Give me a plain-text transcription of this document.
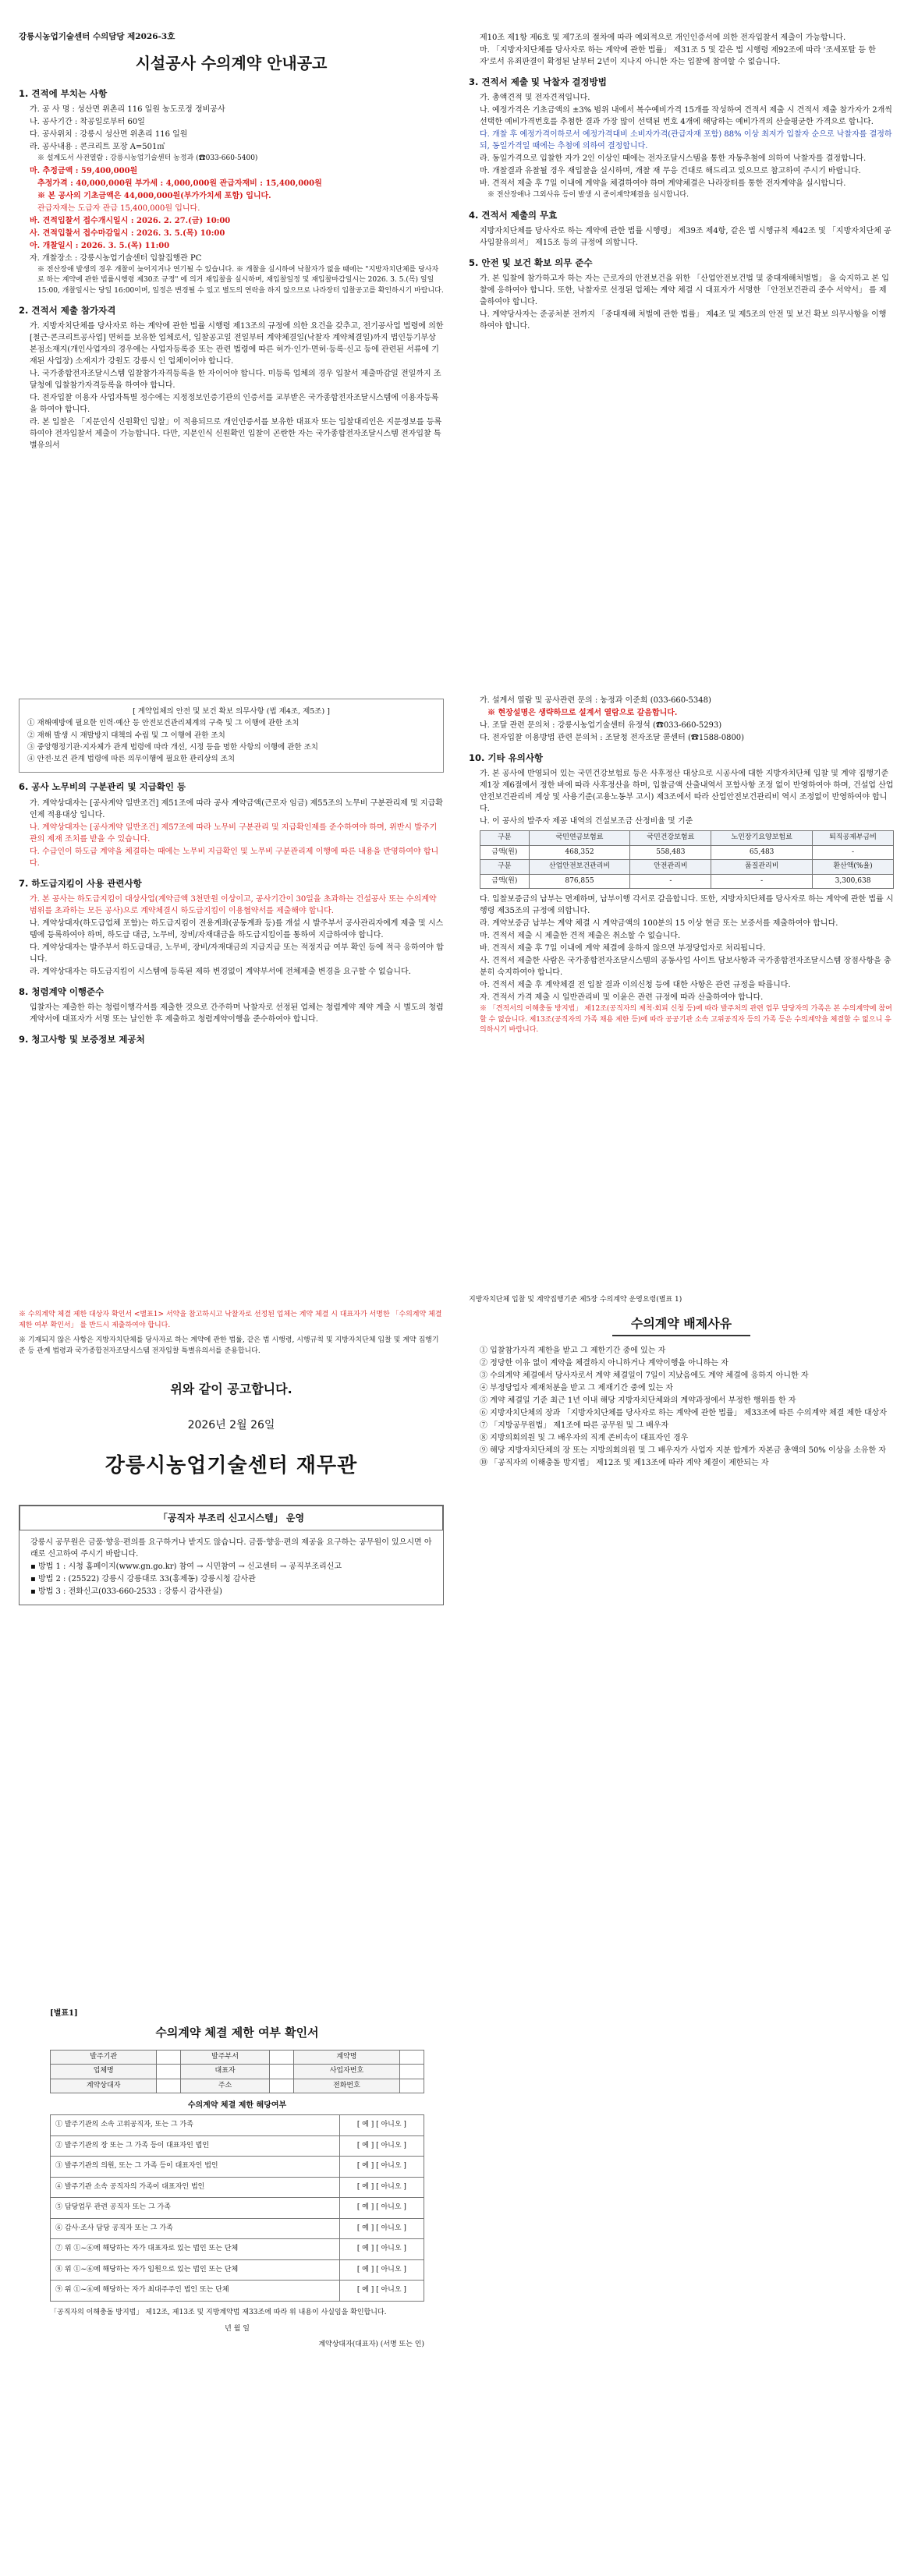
강릉시농업기술센터 수의담당 제2026-3호
시설공사 수의계약 안내공고
1. 견적에 부치는 사항

가. 공 사 명 : 성산면 위촌리 116 일원 농도로정 정비공사

나. 공사기간 : 착공일로부터 60일

다. 공사위치 : 강릉시 성산면 위촌리 116 일원

라. 공사내용 : 콘크리트 포장 A=501㎡

※ 설계도서 사전열람 : 강릉시농업기술센터 농정과 (☎033-660-5400)

마. 추정금액 : 59,400,000원

추정가격 : 40,000,000원 부가세 : 4,000,000원 관급자재비 : 15,400,000원

※ 본 공사의 기초금액은 44,000,000원(부가가치세 포함) 입니다.

관급자재는 도급자 관급 15,400,000원 입니다.

바. 견적입찰서 접수개시일시 : 2026. 2. 27.(금) 10:00

사. 견적입찰서 접수마감일시 : 2026. 3. 5.(목) 10:00

아. 개찰일시 : 2026. 3. 5.(목) 11:00

자. 개찰장소 : 강릉시농업기술센터 입찰집행관 PC

※ 전산장애 발생의 경우 개찰이 늦어지거나 연기될 수 있습니다. ※ 개찰을 실시하여 낙찰자가 없을 때에는 "지방자치단체를 당사자로 하는 계약에 관한 법률시행령 제30조 규정" 에 의거 재입찰을 실시하며, 재입찰일정 및 재입찰마감일시는 2026. 3. 5.(목) 일일 15:00, 개찰일시는 당일 16:00이며, 일정은 변경될 수 있고 별도의 연락을 하지 않으므로 나라장터 입찰공고를 확인하시기 바랍니다.

2. 견적서 제출 참가자격

가. 지방자치단체를 당사자로 하는 계약에 관한 법률 시행령 제13조의 규정에 의한 요건을 갖추고, 전기공사업 법령에 의한 [철근·콘크리트공사업] 면허를 보유한 업체로서, 입찰공고일 전일부터 계약체결일(낙찰자 계약체결일)까지 법인등기부상 본점소재지(개인사업자의 경우에는 사업자등록증 또는 관련 법령에 따른 허가·인가·면허·등록·신고 등에 관련된 서류에 기재된 사업장) 소재지가 강원도 강릉시 인 업체이어야 합니다.

나. 국가종합전자조달시스템 입찰참가자격등록을 한 자이어야 합니다. 미등록 업체의 경우 입찰서 제출마감일 전일까지 조달청에 입찰참가자격등록을 하여야 합니다.

다. 전자입찰 이용자 사업자특별 정수에는 지정정보인증기관의 인증서를 교부받은 국가종합전자조달시스템에 이용자등록을 하여야 합니다.

라. 본 입찰은 「지문인식 신원확인 입찰」이 적용되므로 개인인증서를 보유한 대표자 또는 입찰대리인은 지문정보를 등록하여야 전자입찰서 제출이 가능합니다. 다만, 지문인식 신원확인 입찰이 곤란한 자는 국가종합전자조달시스템 전자입찰 특별유의서

제10조 제1항 제6호 및 제7조의 절차에 따라 예외적으로 개인인증서에 의한 전자입찰서 제출이 가능합니다.

마. 「지방자치단체를 당사자로 하는 계약에 관한 법률」 제31조 5 및 같은 법 시행령 제92조에 따라 '조세포탈 등 한 자'로서 유죄판결이 확정된 날부터 2년이 지나지 아니한 자는 입찰에 참여할 수 없습니다.

3. 견적서 제출 및 낙찰자 결정방법

가. 총액견적 및 전자견적입니다.

나. 예정가격은 기초금액의 ±3% 범위 내에서 복수예비가격 15개를 작성하여 견적서 제출 시 견적서 제출 참가자가 2개씩 선택한 예비가격번호를 추첨한 결과 가장 많이 선택된 번호 4개에 해당하는 예비가격의 산술평균한 가격으로 합니다.

다. 개찰 후 예정가격이하로서 예정가격대비 소비자가격(관급자재 포함) 88% 이상 최저가 입찰자 순으로 낙찰자를 결정하되, 동일가격일 때에는 추첨에 의하여 결정합니다.

라. 동일가격으로 입찰한 자가 2인 이상인 때에는 전자조달시스템을 통한 자동추첨에 의하여 낙찰자를 결정합니다.

마. 개찰결과 유찰될 경우 재입찰을 실시하며, 개찰 재 무응 건대로 해드리고 있으므로 참고하여 주시기 바랍니다.

바. 견적서 제출 후 7일 이내에 계약을 체결하여야 하며 계약체결은 나라장터를 통한 전자계약을 실시합니다.

※ 전산장애나 그외사유 등이 발생 시 종이계약체결을 실시합니다.

4. 견적서 제출의 무효

지방자치단체를 당사자로 하는 계약에 관한 법률 시행령」 제39조 제4항, 같은 법 시행규칙 제42조 및 「지방자치단체 공사입찰유의서」 제15조 등의 규정에 의합니다.

5. 안전 및 보건 확보 의무 준수

가. 본 입찰에 참가하고자 하는 자는 근로자의 안전보건을 위한 「산업안전보건법 및 중대재해처벌법」 을 숙지하고 본 입찰에 응하여야 합니다. 또한, 낙찰자로 선정된 업체는 계약 체결 시 대표자가 서명한 「안전보건관리 준수 서약서」 를 제출하여야 합니다.

나. 계약당사자는 준공처분 전까지 「중대재해 처벌에 관한 법률」 제4조 및 제5조의 안전 및 보건 확보 의무사항을 이행하여야 합니다.

[ 계약업체의 안전 및 보건 확보 의무사항 (법 제4조, 제5조) ]

① 재해예방에 필요한 인력·예산 등 안전보건관리체계의 구축 및 그 이행에 관한 조치

② 재해 발생 시 재발방지 대책의 수립 및 그 이행에 관한 조치

③ 중앙행정기관·지자체가 관계 법령에 따라 개선, 시정 등을 명한 사항의 이행에 관한 조치

④ 안전·보건 관계 법령에 따른 의무이행에 필요한 관리상의 조치

6. 공사 노무비의 구분관리 및 지급확인 등

가. 계약상대자는 [공사계약 일반조건] 제51조에 따라 공사 계약금액(근로자 임금) 제55조의 노무비 구분관리제 및 지급확인제 적용대상 입니다.

나. 계약상대자는 [공사계약 일반조건] 제57조에 따라 노무비 구분관리 및 지급확인제를 준수하여야 하며, 위반시 발주기관의 제재 조치를 받을 수 있습니다.

다. 수급인이 하도급 계약을 체결하는 때에는 노무비 지급확인 및 노무비 구분관리제 이행에 따른 내용을 반영하여야 합니다.

7. 하도급지킴이 사용 관련사항

가. 본 공사는 하도급지킴이 대상사업(계약금액 3천만원 이상이고, 공사기간이 30일을 초과하는 건설공사 또는 수의계약 범위를 초과하는 모든 공사)으로 계약체결시 하도급지킴이 이용협약서를 제출해야 합니다.

나. 계약상대자(하도급업체 포함)는 하도급지킴이 전용계좌(공동계좌 등)를 개설 시 발주부서 공사관리자에게 제출 및 시스템에 등록하여야 하며, 하도급 대금, 노무비, 장비/자재대금을 하도급지킴이를 통하여 지급하여야 합니다.

다. 계약상대자는 발주부서 하도급대금, 노무비, 장비/자재대금의 지급지급 또는 적정지급 여부 확인 등에 적극 응하여야 합니다.

라. 계약상대자는 하도급지킴이 시스템에 등록된 제하 변경없이 계약부서에 전체제출 변경을 요구할 수 없습니다.

8. 청렴계약 이행준수

입찰자는 제출한 하는 청렴이행각서를 제출한 것으로 간주하며 낙찰자로 선정된 업체는 청렴계약 제약 계출 시 별도의 청렴계약서에 대표자가 서명 또는 날인한 후 제출하고 청렴계약이행을 준수하여야 합니다.

9. 청고사항 및 보증정보 제공처

가. 설계서 열람 및 공사관련 문의 : 농정과 이준희 (033-660-5348)

※ 현장설명은 생략하므로 설계서 열람으로 갈음합니다.

나. 조달 관련 문의처 : 강릉시농업기술센터 유정석 (☎033-660-5293)

다. 전자입찰 이용방법 관련 문의처 : 조달청 전자조달 콜센터 (☎1588-0800)

10. 기타 유의사항

가. 본 공사에 반영되어 있는 국민건강보험료 등은 사후정산 대상으로 시공사에 대한 지방자치단체 입찰 및 계약 집행기준 제1장 제6절에서 정한 바에 따라 사후정산을 하며, 입찰금액 산출내역서 포함사항 조정 없이 반영하여야 하며, 건설업 산업안전보건관리비 계상 및 사용기준(고용노동부 고시) 제3조에서 따라 산업안전보건관리비 역시 조정없이 반영하여야 합니다.

나. 이 공사의 발주자 제공 내역의 건설보조금 산정비율 및 기준

구분	국민연금보험료	국민건강보험료	노인장기요양보험료	퇴직공제부금비
금액(원)	468,352	558,483	65,483	-
구분	산업안전보건관리비	안전관리비	품질관리비	환산액(%율)
금액(원)	876,855	-	-	3,300,638

다. 입찰보증금의 납부는 면제하며, 납부이행 각서로 갈음합니다. 또한, 지방자치단체를 당사자로 하는 계약에 관한 법률 시행령 제35조의 규정에 의합니다.

라. 계약보증금 납부는 계약 체결 시 계약금액의 100분의 15 이상 현금 또는 보증서를 제출하여야 합니다.

마. 견적서 제출 시 제출한 견적 제출은 취소할 수 없습니다.

바. 견적서 제출 후 7일 이내에 계약 체결에 응하지 않으면 부정당업자로 처리됩니다.

사. 견적서 제출한 사람은 국가종합전자조달시스템의 공동사업 사이트 담보사항과 국가종합전자조달시스템 장점사항을 충분히 숙지하여야 합니다.

아. 견적서 제출 후 계약체결 전 입찰 결과 이의신청 등에 대한 사항은 관련 규정을 따릅니다.

자. 견적서 가격 제출 시 일반관리비 및 이윤은 관련 규정에 따라 산출하여야 합니다.

※ 「견적서의 이해충돌 방지법」 제12조(공직자의 제척·회피 신청 등)에 따라 발주처의 관련 업무 담당자의 가족은 본 수의계약에 참여할 수 없습니다. 제13조(공직자의 가족 채용 제한 등)에 따라 공공기관 소속 고위공직자 등의 가족 등은 수의계약을 체결할 수 없으니 유의하시기 바랍니다.

※ 수의계약 체결 제한 대상자 확인서 <별표1> 서약을 참고하시고 낙찰자로 선정된 업체는 계약 체결 시 대표자가 서명한 「수의계약 체결 제한 여부 확인서」 를 반드시 제출하여야 합니다.

※ 기재되지 않은 사항은 지방자치단체를 당사자로 하는 계약에 관한 법률, 같은 법 시행령, 시행규칙 및 지방자치단체 입찰 및 계약 집행기준 등 관계 법령과 국가종합전자조달시스템 전자입찰 특별유의서를 준용합니다.

위와 같이 공고합니다.
2026년 2월 26일
강릉시농업기술센터 재무관
「공직자 부조리 신고시스템」 운영

강릉시 공무원은 금품·향응·편의를 요구하거나 받지도 않습니다. 금품·향응·편의 제공을 요구하는 공무원이 있으시면 아래로 신고하여 주시기 바랍니다.

▪ 방법 1 : 시청 홈페이지(www.gn.go.kr) 참여 → 시민참여 → 신고센터 → 공직부조리신고

▪ 방법 2 : (25522) 강릉시 강릉대로 33(홍제동) 강릉시청 감사관

▪ 방법 3 : 전화신고(033-660-2533 : 강릉시 감사관실)

지방자치단체 입찰 및 계약집행기준 제5장 수의계약 운영요령(별표 1)

수의계약 배제사유

① 입찰참가자격 제한을 받고 그 제한기간 중에 있는 자

② 정당한 이유 없이 계약을 체결하지 아니하거나 계약이행을 아니하는 자

③ 수의계약 체결에서 당사자로서 계약 체결일이 7일이 지났음에도 계약 체결에 응하지 아니한 자

④ 부정당업자 제재처분을 받고 그 제재기간 중에 있는 자

⑤ 계약 체결일 기준 최근 1년 이내 해당 지방자치단체와의 계약과정에서 부정한 행위를 한 자

⑥ 지방자치단체의 장과 「지방자치단체를 당사자로 하는 계약에 관한 법률」 제33조에 따른 수의계약 체결 제한 대상자

⑦ 「지방공무원법」 제1조에 따른 공무원 및 그 배우자

⑧ 지방의회의원 및 그 배우자의 직계 존비속이 대표자인 경우

⑨ 해당 지방자치단체의 장 또는 지방의회의원 및 그 배우자가 사업자 지분 합계가 자본금 총액의 50% 이상을 소유한 자

⑩ 「공직자의 이해충돌 방지법」 제12조 및 제13조에 따라 계약 체결이 제한되는 자

[별표1]
수의계약 체결 제한 여부 확인서
발주기관		발주부서		계약명	
업체명		대표자		사업자번호	
계약상대자		주소		전화번호	
수의계약 체결 제한 해당여부
① 발주기관의 소속 고위공직자, 또는 그 가족	[ 예 ] [ 아니오 ]
② 발주기관의 장 또는 그 가족 등이 대표자인 법인	[ 예 ] [ 아니오 ]
③ 발주기관의 의원, 또는 그 가족 등이 대표자인 법인	[ 예 ] [ 아니오 ]
④ 발주기관 소속 공직자의 가족이 대표자인 법인	[ 예 ] [ 아니오 ]
⑤ 담당업무 관련 공직자 또는 그 가족	[ 예 ] [ 아니오 ]
⑥ 감사·조사 담당 공직자 또는 그 가족	[ 예 ] [ 아니오 ]
⑦ 위 ①~⑥에 해당하는 자가 대표자로 있는 법인 또는 단체	[ 예 ] [ 아니오 ]
⑧ 위 ①~⑥에 해당하는 자가 임원으로 있는 법인 또는 단체	[ 예 ] [ 아니오 ]
⑨ 위 ①~⑥에 해당하는 자가 최대주주인 법인 또는 단체	[ 예 ] [ 아니오 ]

「공직자의 이해충돌 방지법」 제12조, 제13조 및 지방계약법 제33조에 따라 위 내용이 사실임을 확인합니다.

년 월 일

계약상대자(대표자) (서명 또는 인)
